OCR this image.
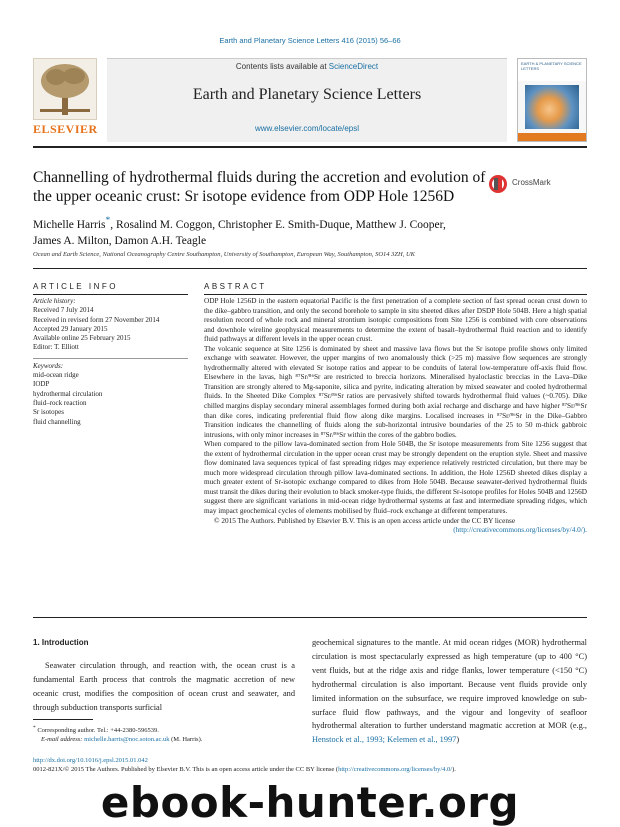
Earth and Planetary Science Letters 416 (2015) 56–66
ELSEVIER
Contents lists available at ScienceDirect
Earth and Planetary Science Letters
www.elsevier.com/locate/epsl
EARTH & PLANETARY SCIENCE LETTERS
Channelling of hydrothermal fluids during the accretion and evolution of the upper oceanic crust: Sr isotope evidence from ODP Hole 1256D
CrossMark
Michelle Harris*, Rosalind M. Coggon, Christopher E. Smith-Duque, Matthew J. Cooper,
James A. Milton, Damon A.H. Teagle
Ocean and Earth Science, National Oceanography Centre Southampton, University of Southampton, European Way, Southampton, SO14 3ZH, UK
ARTICLE INFO	ABSTRACT
Article history:
Received 7 July 2014
Received in revised form 27 November 2014
Accepted 29 January 2015
Available online 25 February 2015
Editor: T. Elliott
Keywords:
mid-ocean ridge
IODP
hydrothermal circulation
fluid–rock reaction
Sr isotopes
fluid channelling

ODP Hole 1256D in the eastern equatorial Pacific is the first penetration of a complete section of fast spread ocean crust down to the dike–gabbro transition, and only the second borehole to sample in situ sheeted dikes after DSDP Hole 504B. Here a high spatial resolution record of whole rock and mineral strontium isotopic compositions from Site 1256 is combined with core observations and downhole wireline geophysical measurements to determine the extent of basalt–hydrothermal fluid reaction and to identify fluid pathways at different levels in the upper ocean crust.

The volcanic sequence at Site 1256 is dominated by sheet and massive lava flows but the Sr isotope profile shows only limited exchange with seawater. However, the upper margins of two anomalously thick (>25 m) massive flow sequences are strongly hydrothermally altered with elevated Sr isotope ratios and appear to be conduits of lateral low-temperature off-axis fluid flow. Elsewhere in the lavas, high ⁸⁷Sr/⁸⁶Sr are restricted to breccia horizons. Mineralised hyaloclastic breccias in the Lava–Dike Transition are strongly altered to Mg-saponite, silica and pyrite, indicating alteration by mixed seawater and cooled hydrothermal fluids. In the Sheeted Dike Complex ⁸⁷Sr/⁸⁶Sr ratios are pervasively shifted towards hydrothermal fluid values (~0.705). Dike chilled margins display secondary mineral assemblages formed during both axial recharge and discharge and have higher ⁸⁷Sr/⁸⁶Sr than dike cores, indicating preferential fluid flow along dike margins. Localised increases in ⁸⁷Sr/⁸⁶Sr in the Dike–Gabbro Transition indicates the channelling of fluids along the sub-horizontal intrusive boundaries of the 25 to 50 m-thick gabbroic intrusions, with only minor increases in ⁸⁷Sr/⁸⁶Sr within the cores of the gabbro bodies.

When compared to the pillow lava-dominated section from Hole 504B, the Sr isotope measurements from Site 1256 suggest that the extent of hydrothermal circulation in the upper ocean crust may be strongly dependent on the eruption style. Sheet and massive flow dominated lava sequences typical of fast spreading ridges may experience relatively restricted circulation, but there may be much more widespread circulation through pillow lava-dominated sections. In addition, the Hole 1256D sheeted dikes display a much greater extent of Sr-isotopic exchange compared to dikes from Hole 504B. Because seawater-derived hydrothermal fluids must transit the dikes during their evolution to black smoker-type fluids, the different Sr-isotope profiles for Holes 504B and 1256D suggest there are significant variations in mid-ocean ridge hydrothermal systems at fast and intermediate spreading ridges, which may impact geochemical cycles of elements mobilised by fluid–rock exchange at different temperatures.

© 2015 The Authors. Published by Elsevier B.V. This is an open access article under the CC BY license

(http://creativecommons.org/licenses/by/4.0/).

1. Introduction

Seawater circulation through, and reaction with, the ocean crust is a fundamental Earth process that controls the magmatic accretion of new oceanic crust, modifies the composition of ocean crust and seawater, and through subduction transports surficial

geochemical signatures to the mantle. At mid ocean ridges (MOR) hydrothermal circulation is most spectacularly expressed as high temperature (up to 400 °C) vent fluids, but at the ridge axis and ridge flanks, lower temperature (<150 °C) hydrothermal circulation is also important. Because vent fluids provide only limited information on the subsurface, we require improved knowledge on sub-surface fluid flow pathways, and the vigour and longevity of seafloor hydrothermal alteration to further understand magmatic accretion at MOR (e.g., Henstock et al., 1993; Kelemen et al., 1997)
* Corresponding author. Tel.: +44-2380-596539.
E-mail address: michelle.harris@noc.soton.ac.uk (M. Harris).
http://dx.doi.org/10.1016/j.epsl.2015.01.042
0012-821X/© 2015 The Authors. Published by Elsevier B.V. This is an open access article under the CC BY license (http://creativecommons.org/licenses/by/4.0/).
ebook-hunter.org
